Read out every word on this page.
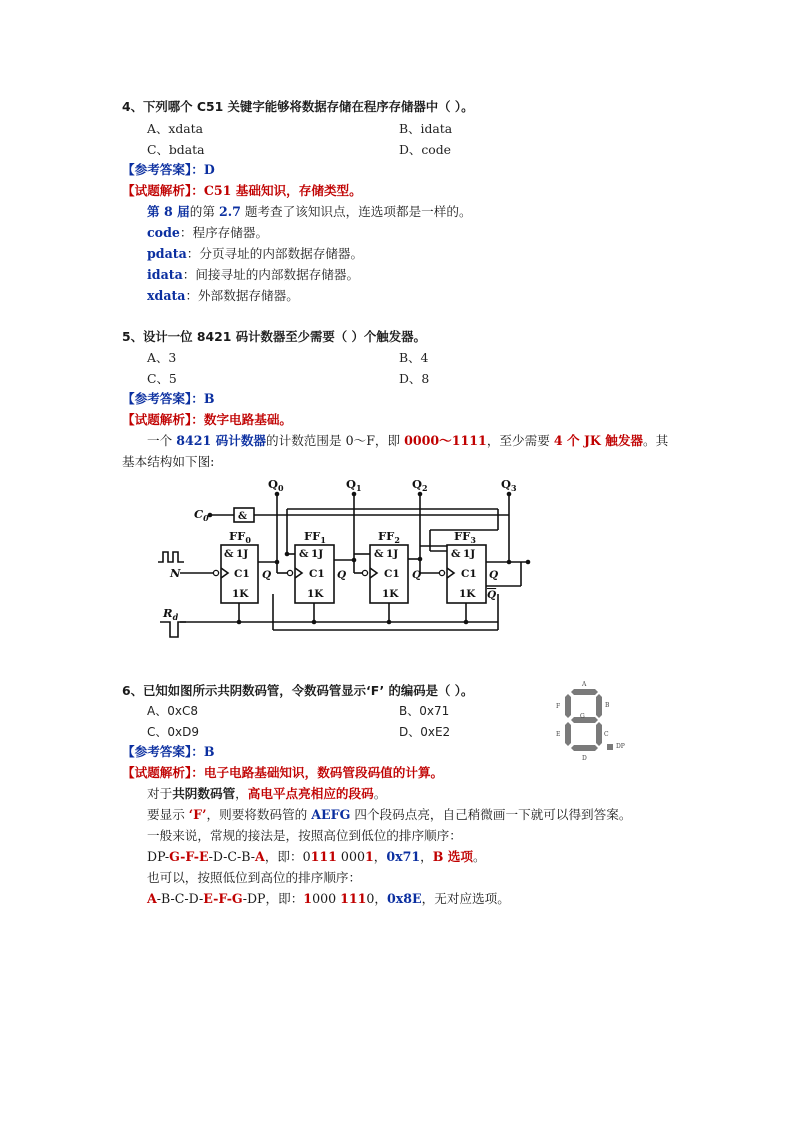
4、下列哪个 C51 关键字能够将数据存储在程序存储器中（ ）。
A、xdata	B、idata
C、bdata	D、code
【参考答案】：D
【试题解析】：C51 基础知识，存储类型。
第 8 届的第 2.7 题考查了该知识点，连选项都是一样的。
code：程序存储器。
pdata：分页寻址的内部数据存储器。
idata：间接寻址的内部数据存储器。
xdata：外部数据存储器。
5、设计一位 8421 码计数器至少需要（ ）个触发器。
A、3	B、4
C、5	D、8
【参考答案】：B
【试题解析】：数字电路基础。
一个 8421 码计数器的计数范围是 0～F，即 0000～1111，至少需要 4 个 JK 触发器。其
基本结构如下图:
$Q_0$	$Q_1$	$Q_2$	$Q_3$
$C_0$	&
$FF_0$	$FF_1$	$FF_2$	$FF_3$
N
$R_d$
& 1J
C1
1K
Q
& 1J
C1
1K
Q
& 1J
C1
1K
Q
& 1J
C1
1K
Q
Q
6、已知如图所示共阴数码管，令数码管显示‘F’ 的编码是（ ）。
A、0xC8	B、0x71
C、0xD9	D、0xE2
A
B
C
D
E
F
G
DP
【参考答案】：B
【试题解析】：电子电路基础知识，数码管段码值的计算。
对于共阴数码管，高电平点亮相应的段码。
要显示 ‘F’，则要将数码管的 AEFG 四个段码点亮，自己稍微画一下就可以得到答案。
一般来说，常规的接法是，按照高位到低位的排序顺序：
DP-G-F-E-D-C-B-A，即：0111 0001，0x71，B 选项。
也可以，按照低位到高位的排序顺序：
A-B-C-D-E-F-G-DP，即：1000 1110，0x8E，无对应选项。
